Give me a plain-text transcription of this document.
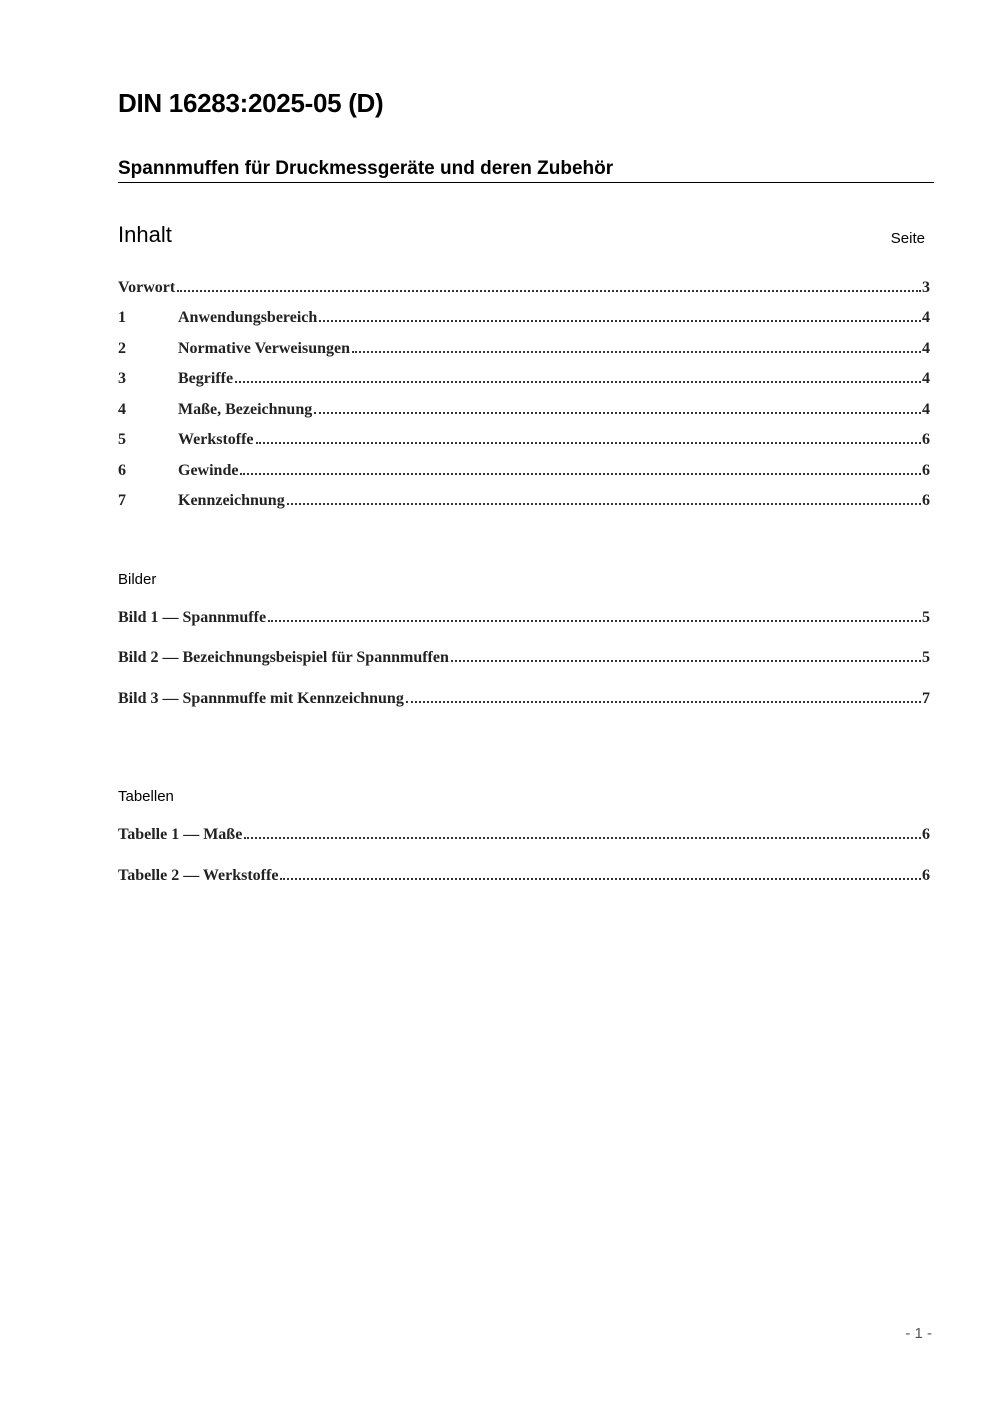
DIN 16283:2025-05 (D)
Spannmuffen für Druckmessgeräte und deren Zubehör
Inhalt	Seite
Vorwort	3
1	Anwendungsbereich	4
2	Normative Verweisungen	4
3	Begriffe	4
4	Maße, Bezeichnung	4
5	Werkstoffe	6
6	Gewinde	6
7	Kennzeichnung	6
Bilder
Bild 1 — Spannmuffe	5
Bild 2 — Bezeichnungsbeispiel für Spannmuffen	5
Bild 3 — Spannmuffe mit Kennzeichnung	7
Tabellen
Tabelle 1 — Maße	6
Tabelle 2 — Werkstoffe	6
- 1 -
